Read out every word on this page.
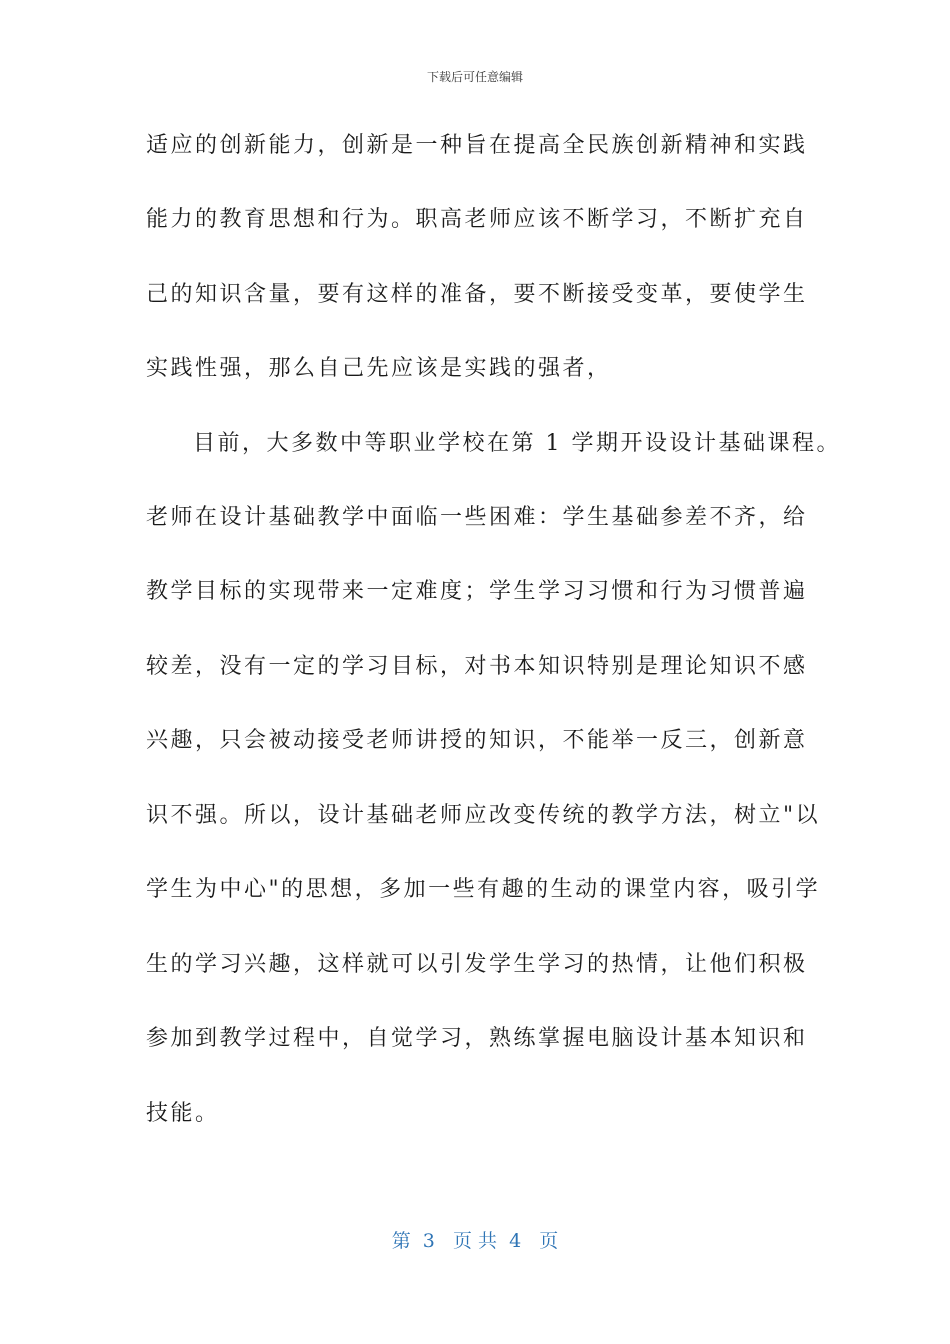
下载后可任意编辑
适应的创新能力，创新是一种旨在提高全民族创新精神和实践
能力的教育思想和行为。职高老师应该不断学习，不断扩充自
己的知识含量，要有这样的准备，要不断接受变革，要使学生
实践性强，那么自己先应该是实践的强者，
目前，大多数中等职业学校在第 1 学期开设设计基础课程。
老师在设计基础教学中面临一些困难：学生基础参差不齐，给
教学目标的实现带来一定难度；学生学习习惯和行为习惯普遍
较差，没有一定的学习目标，对书本知识特别是理论知识不感
兴趣，只会被动接受老师讲授的知识，不能举一反三，创新意
识不强。所以，设计基础老师应改变传统的教学方法，树立"以
学生为中心"的思想，多加一些有趣的生动的课堂内容，吸引学
生的学习兴趣，这样就可以引发学生学习的热情，让他们积极
参加到教学过程中，自觉学习，熟练掌握电脑设计基本知识和
技能。
第  3   页 共  4   页
